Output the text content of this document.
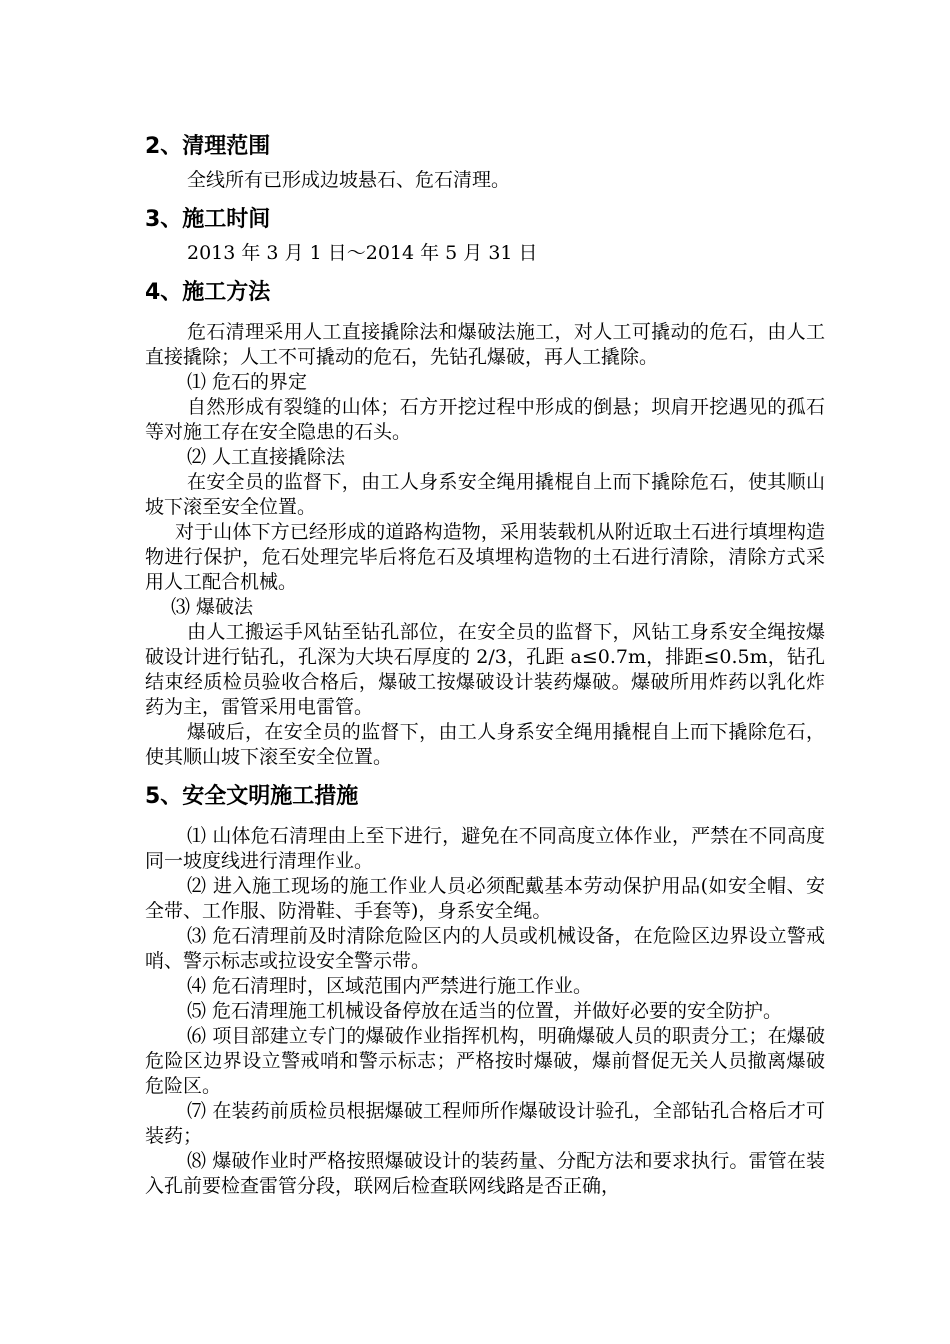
2、清理范围

全线所有已形成边坡悬石、危石清理。

3、施工时间

2013 年 3 月 1 日～2014 年 5 月 31 日

4、施工方法

危石清理采用人工直接撬除法和爆破法施工，对人工可撬动的危石，由人工直接撬除；人工不可撬动的危石，先钻孔爆破，再人工撬除。

⑴ 危石的界定

自然形成有裂缝的山体；石方开挖过程中形成的倒悬；坝肩开挖遇见的孤石等对施工存在安全隐患的石头。

⑵ 人工直接撬除法

在安全员的监督下，由工人身系安全绳用撬棍自上而下撬除危石，使其顺山坡下滚至安全位置。

对于山体下方已经形成的道路构造物，采用装载机从附近取土石进行填埋构造物进行保护，危石处理完毕后将危石及填埋构造物的土石进行清除，清除方式采用人工配合机械。

⑶ 爆破法

由人工搬运手风钻至钻孔部位，在安全员的监督下，风钻工身系安全绳按爆破设计进行钻孔，孔深为大块石厚度的 2/3，孔距 a≤0.7m，排距≤0.5m，钻孔结束经质检员验收合格后，爆破工按爆破设计装药爆破。爆破所用炸药以乳化炸药为主，雷管采用电雷管。

爆破后，在安全员的监督下，由工人身系安全绳用撬棍自上而下撬除危石，使其顺山坡下滚至安全位置。

5、安全文明施工措施

⑴ 山体危石清理由上至下进行，避免在不同高度立体作业，严禁在不同高度同一坡度线进行清理作业。

⑵ 进入施工现场的施工作业人员必须配戴基本劳动保护用品(如安全帽、安全带、工作服、防滑鞋、手套等)，身系安全绳。

⑶ 危石清理前及时清除危险区内的人员或机械设备，在危险区边界设立警戒哨、警示标志或拉设安全警示带。

⑷ 危石清理时，区域范围内严禁进行施工作业。

⑸ 危石清理施工机械设备停放在适当的位置，并做好必要的安全防护。

⑹ 项目部建立专门的爆破作业指挥机构，明确爆破人员的职责分工；在爆破危险区边界设立警戒哨和警示标志；严格按时爆破，爆前督促无关人员撤离爆破危险区。

⑺ 在装药前质检员根据爆破工程师所作爆破设计验孔，全部钻孔合格后才可装药；

⑻ 爆破作业时严格按照爆破设计的装药量、分配方法和要求执行。雷管在装入孔前要检查雷管分段，联网后检查联网线路是否正确，
